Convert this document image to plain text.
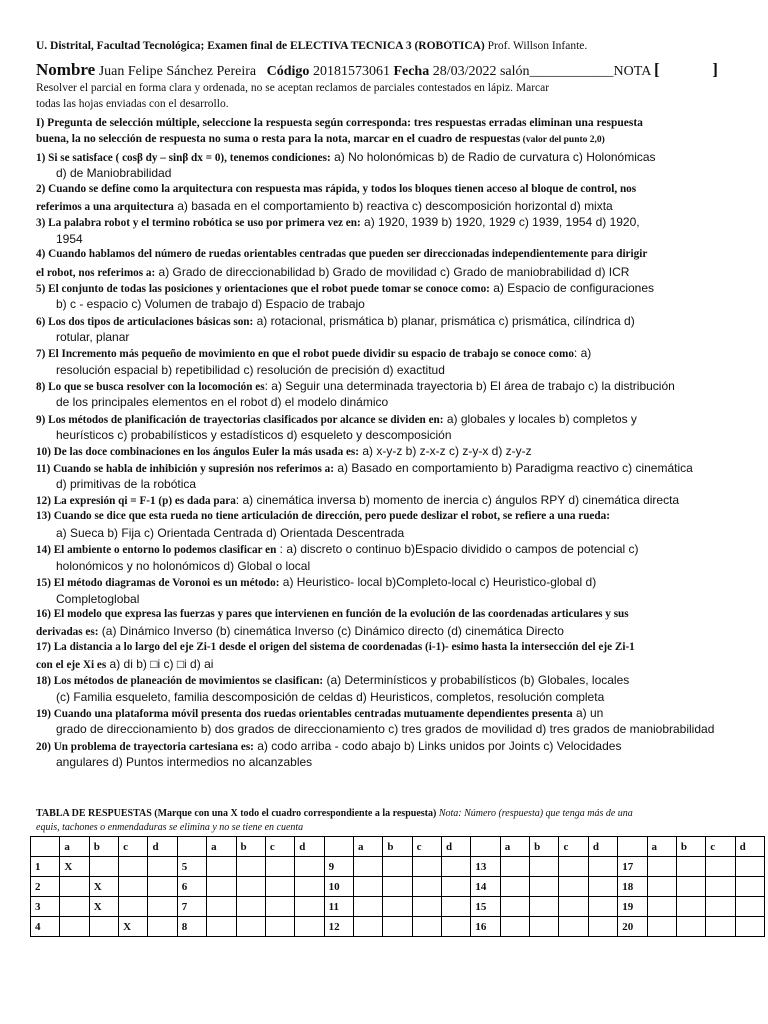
U. Distrital, Facultad Tecnológica; Examen final de ELECTIVA TECNICA 3 (ROBÓTICA) Prof. Willson Infante.
Nombre Juan Felipe Sánchez Pereira Código 20181573061 Fecha 28/03/2022 salón____________NOTA [	]
Resolver el parcial en forma clara y ordenada, no se aceptan reclamos de parciales contestados en lápiz. Marcar
todas las hojas enviadas con el desarrollo.
I) Pregunta de selección múltiple, seleccione la respuesta según corresponda: tres respuestas erradas eliminan una respuesta
buena, la no selección de respuesta no suma o resta para la nota, marcar en el cuadro de respuestas (valor del punto 2,0)
1) Si se satisface ( cosβ dy – sinβ dx = 0), tenemos condiciones: a) No holonómicas b) de Radio de curvatura c) Holonómicas
d) de Maniobrabilidad
2) Cuando se define como la arquitectura con respuesta mas rápida, y todos los bloques tienen acceso al bloque de control, nos
referimos a una arquitectura a) basada en el comportamiento b) reactiva c) descomposición horizontal d) mixta
3) La palabra robot y el termino robótica se uso por primera vez en: a) 1920, 1939 b) 1920, 1929 c) 1939, 1954 d) 1920,
1954
4) Cuando hablamos del número de ruedas orientables centradas que pueden ser direccionadas independientemente para dirigir
el robot, nos referimos a: a) Grado de direccionabilidad b) Grado de movilidad c) Grado de maniobrabilidad d) ICR
5) El conjunto de todas las posiciones y orientaciones que el robot puede tomar se conoce como: a) Espacio de configuraciones
b) c - espacio c) Volumen de trabajo d) Espacio de trabajo
6) Los dos tipos de articulaciones básicas son: a) rotacional, prismática b) planar, prismática c) prismática, cilíndrica d)
rotular, planar
7) El Incremento más pequeño de movimiento en que el robot puede dividir su espacio de trabajo se conoce como: a)
resolución espacial b) repetibilidad c) resolución de precisión d) exactitud
8) Lo que se busca resolver con la locomoción es: a) Seguir una determinada trayectoria b) El área de trabajo c) la distribución
de los principales elementos en el robot d) el modelo dinámico
9) Los métodos de planificación de trayectorias clasificados por alcance se dividen en: a) globales y locales b) completos y
heurísticos c) probabilísticos y estadísticos d) esqueleto y descomposición
10) De las doce combinaciones en los ángulos Euler la más usada es: a) x-y-z b) z-x-z c) z-y-x d) z-y-z
11) Cuando se habla de inhibición y supresión nos referimos a: a) Basado en comportamiento b) Paradigma reactivo c) cinemática
d) primitivas de la robótica
12) La expresión qi = F-1 (p) es dada para: a) cinemática inversa b) momento de inercia c) ángulos RPY d) cinemática directa
13) Cuando se dice que esta rueda no tiene articulación de dirección, pero puede deslizar el robot, se refiere a una rueda:
a) Sueca b) Fija c) Orientada Centrada d) Orientada Descentrada
14) El ambiente o entorno lo podemos clasificar en : a) discreto o continuo b)Espacio dividido o campos de potencial c)
holonómicos y no holonómicos d) Global o local
15) El método diagramas de Voronoi es un método: a) Heuristico- local b)Completo-local c) Heuristico-global d)
Completoglobal
16) El modelo que expresa las fuerzas y pares que intervienen en función de la evolución de las coordenadas articulares y sus
derivadas es: (a) Dinámico Inverso (b) cinemática Inverso (c) Dinámico directo (d) cinemática Directo
17) La distancia a lo largo del eje Zi-1 desde el origen del sistema de coordenadas (i-1)- esimo hasta la intersección del eje Zi-1
con el eje Xi es a) di b) □i c) □i d) ai
18) Los métodos de planeación de movimientos se clasifican: (a) Determinísticos y probabilísticos (b) Globales, locales
(c) Familia esqueleto, familia descomposición de celdas d) Heuristicos, completos, resolución completa
19) Cuando una plataforma móvil presenta dos ruedas orientables centradas mutuamente dependientes presenta a) un
grado de direccionamiento b) dos grados de direccionamiento c) tres grados de movilidad d) tres grados de maniobrabilidad
20) Un problema de trayectoria cartesiana es: a) codo arriba - codo abajo b) Links unidos por Joints c) Velocidades
angulares d) Puntos intermedios no alcanzables
TABLA DE RESPUESTAS (Marque con una X todo el cuadro correspondiente a la respuesta) Nota: Número (respuesta) que tenga más de una
equis, tachones o enmendaduras se elimina y no se tiene en cuenta
	a	b	c	d		a	b	c	d		a	b	c	d		a	b	c	d		a	b	c	d
1	X				5					9					13					17				
2		X			6					10					14					18				
3		X			7					11					15					19				
4			X		8					12					16					20				
